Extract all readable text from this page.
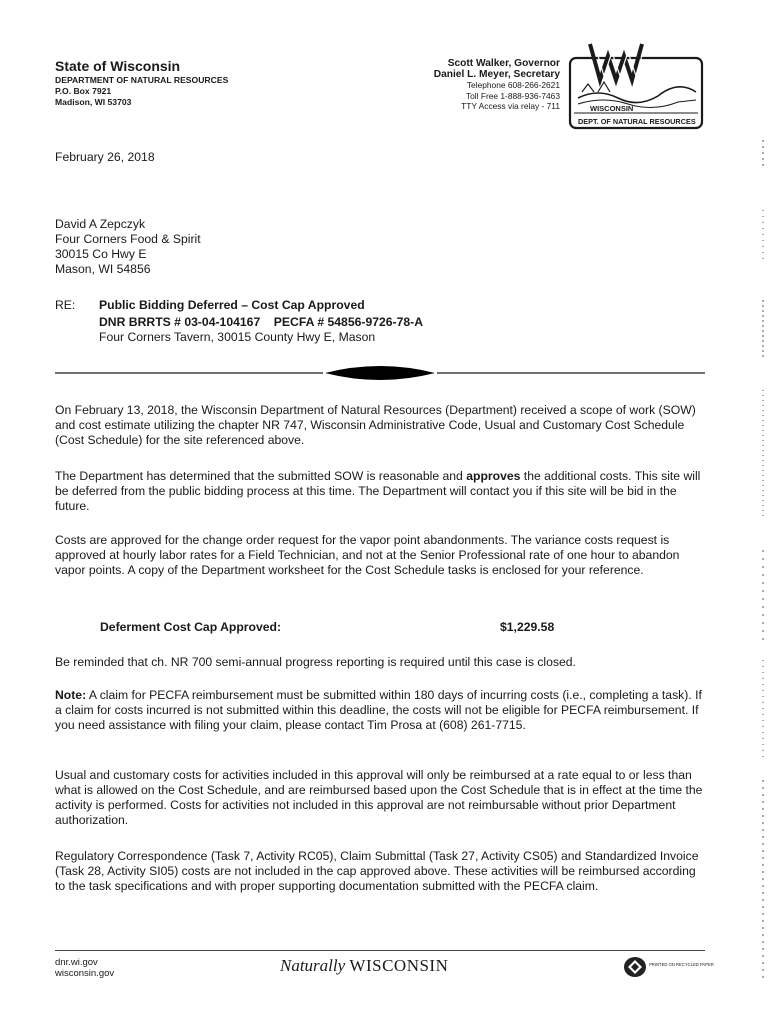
State of Wisconsin
DEPARTMENT OF NATURAL RESOURCES
P.O. Box 7921
Madison, WI 53703
Scott Walker, Governor
Daniel L. Meyer, Secretary
Telephone 608-266-2621
Toll Free 1-888-936-7463
TTY Access via relay - 711	WISCONSIN
DEPT. OF NATURAL RESOURCES
February 26, 2018
David A Zepczyk
Four Corners Food & Spirit
30015 Co Hwy E
Mason, WI 54856
RE: Public Bidding Deferred – Cost Cap Approved
DNR BRRTS # 03-04-104167    PECFA # 54856-9726-78-A
Four Corners Tavern, 30015 County Hwy E, Mason
On February 13, 2018, the Wisconsin Department of Natural Resources (Department) received a scope of work (SOW) and cost estimate utilizing the chapter NR 747, Wisconsin Administrative Code, Usual and Customary Cost Schedule (Cost Schedule) for the site referenced above.
The Department has determined that the submitted SOW is reasonable and approves the additional costs. This site will be deferred from the public bidding process at this time. The Department will contact you if this site will be bid in the future.
Costs are approved for the change order request for the vapor point abandonments. The variance costs request is approved at hourly labor rates for a Field Technician, and not at the Senior Professional rate of one hour to abandon vapor points. A copy of the Department worksheet for the Cost Schedule tasks is enclosed for your reference.
Deferment Cost Cap Approved:	$1,229.58
Be reminded that ch. NR 700 semi-annual progress reporting is required until this case is closed.
Note: A claim for PECFA reimbursement must be submitted within 180 days of incurring costs (i.e., completing a task). If a claim for costs incurred is not submitted within this deadline, the costs will not be eligible for PECFA reimbursement. If you need assistance with filing your claim, please contact Tim Prosa at (608) 261-7715.
Usual and customary costs for activities included in this approval will only be reimbursed at a rate equal to or less than what is allowed on the Cost Schedule, and are reimbursed based upon the Cost Schedule that is in effect at the time the activity is performed. Costs for activities not included in this approval are not reimbursable without prior Department authorization.
Regulatory Correspondence (Task 7, Activity RC05), Claim Submittal (Task 27, Activity CS05) and Standardized Invoice (Task 28, Activity SI05) costs are not included in the cap approved above. These activities will be reimbursed according to the task specifications and with proper supporting documentation submitted with the PECFA claim.
dnr.wi.gov
wisconsin.gov	Naturally WISCONSIN	PRINTED ON RECYCLED PAPER
